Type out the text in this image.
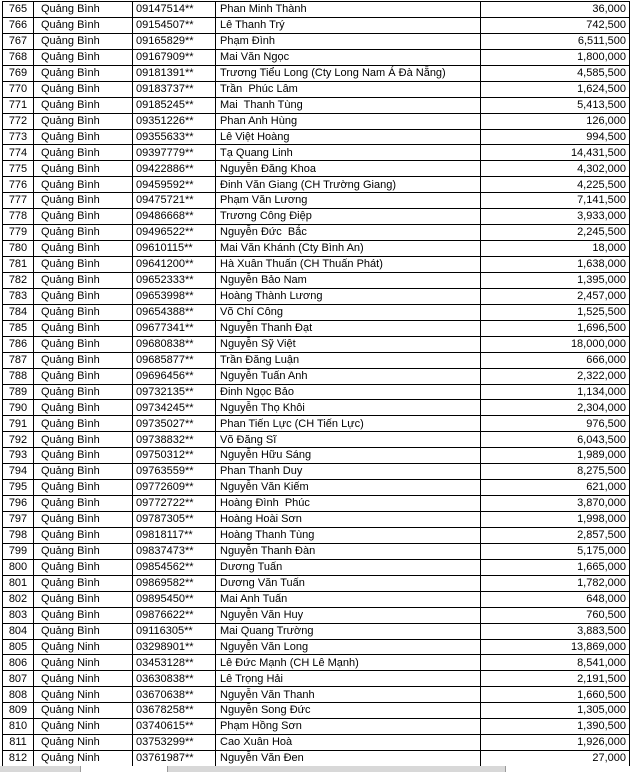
765	Quảng Bình	09147514**	Phan Minh Thành	36,000
766	Quảng Bình	09154507**	Lê Thanh Trý	742,500
767	Quảng Bình	09165829**	Phạm Đình	6,511,500
768	Quảng Bình	09167909**	Mai Văn Ngọc	1,800,000
769	Quảng Bình	09181391**	Trương Tiểu Long (Cty Long Nam Á Đà Nẵng)	4,585,500
770	Quảng Bình	09183737**	Trần  Phúc Lâm	1,624,500
771	Quảng Bình	09185245**	Mai  Thanh Tùng	5,413,500
772	Quảng Bình	09351226**	Phan Anh Hùng	126,000
773	Quảng Bình	09355633**	Lê Việt Hoàng	994,500
774	Quảng Bình	09397779**	Tạ Quang Linh	14,431,500
775	Quảng Bình	09422886**	Nguyễn Đăng Khoa	4,302,000
776	Quảng Bình	09459592**	Đinh Văn Giang (CH Trường Giang)	4,225,500
777	Quảng Bình	09475721**	Phạm Văn Lương	7,141,500
778	Quảng Bình	09486668**	Trương Công Điệp	3,933,000
779	Quảng Bình	09496522**	Nguyễn Đức  Bắc	2,245,500
780	Quảng Bình	09610115**	Mai Văn Khánh (Cty Bình An)	18,000
781	Quảng Bình	09641200**	Hà Xuân Thuấn (CH Thuấn Phát)	1,638,000
782	Quảng Bình	09652333**	Nguyễn Bảo Nam	1,395,000
783	Quảng Bình	09653998**	Hoàng Thành Lương	2,457,000
784	Quảng Bình	09654388**	Võ Chí Công	1,525,500
785	Quảng Bình	09677341**	Nguyễn Thanh Đạt	1,696,500
786	Quảng Bình	09680838**	Nguyễn Sỹ Việt	18,000,000
787	Quảng Bình	09685877**	Trần Đăng Luận	666,000
788	Quảng Bình	09696456**	Nguyễn Tuấn Anh	2,322,000
789	Quảng Bình	09732135**	Đinh Ngọc Bảo	1,134,000
790	Quảng Bình	09734245**	Nguyễn Thọ Khôi	2,304,000
791	Quảng Bình	09735027**	Phan Tiến Lực (CH Tiến Lực)	976,500
792	Quảng Bình	09738832**	Võ Đăng Sĩ	6,043,500
793	Quảng Bình	09750312**	Nguyễn Hữu Sáng	1,989,000
794	Quảng Bình	09763559**	Phan Thanh Duy	8,275,500
795	Quảng Bình	09772609**	Nguyễn Văn Kiếm	621,000
796	Quảng Bình	09772722**	Hoàng Đình  Phúc	3,870,000
797	Quảng Bình	09787305**	Hoàng Hoài Sơn	1,998,000
798	Quảng Bình	09818117**	Hoàng Thanh Tùng	2,857,500
799	Quảng Bình	09837473**	Nguyễn Thanh Đàn	5,175,000
800	Quảng Bình	09854562**	Dương Tuấn	1,665,000
801	Quảng Bình	09869582**	Dương Văn Tuấn	1,782,000
802	Quảng Bình	09895450**	Mai Anh Tuấn	648,000
803	Quảng Bình	09876622**	Nguyễn Văn Huy	760,500
804	Quảng Bình	09116305**	Mai Quang Trường	3,883,500
805	Quảng Ninh	03298901**	Nguyễn Văn Long	13,869,000
806	Quảng Ninh	03453128**	Lê Đức Mạnh (CH Lê Mạnh)	8,541,000
807	Quảng Ninh	03630838**	Lê Trọng Hải	2,191,500
808	Quảng Ninh	03670638**	Nguyễn Văn Thanh	1,660,500
809	Quảng Ninh	03678258**	Nguyễn Song Đức	1,305,000
810	Quảng Ninh	03740615**	Phạm Hồng Sơn	1,390,500
811	Quảng Ninh	03753299**	Cao Xuân Hoà	1,926,000
812	Quảng Ninh	03761987**	Nguyễn Văn Đen	27,000
